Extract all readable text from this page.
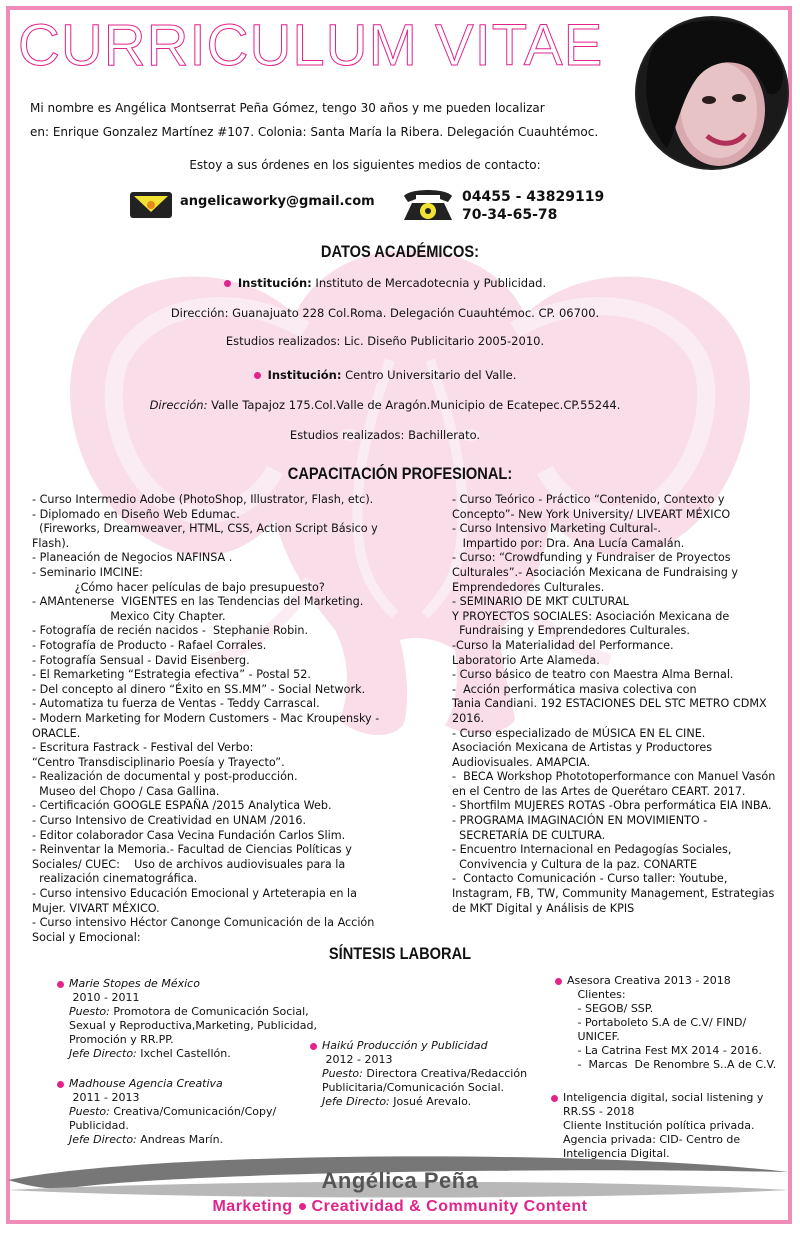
CURRICULUM VITAE
Mi nombre es Angélica Montserrat Peña Gómez, tengo 30 años y me pueden localizar
en: Enrique Gonzalez Martínez #107. Colonia: Santa María la Ribera. Delegación Cuauhtémoc.
Estoy a sus órdenes en los siguientes medios de contacto:
angelicaworky@gmail.com	04455 - 43829119
70-34-65-78
DATOS ACADÉMICOS:
Institución: Instituto de Mercadotecnia y Publicidad.
Dirección: Guanajuato 228 Col.Roma. Delegación Cuauhtémoc. CP. 06700.
Estudios realizados: Lic. Diseño Publicitario 2005-2010.
Institución: Centro Universitario del Valle.
Dirección: Valle Tapajoz 175.Col.Valle de Aragón.Municipio de Ecatepec.CP.55244.
Estudios realizados: Bachillerato.
CAPACITACIÓN PROFESIONAL:
- Curso Intermedio Adobe (PhotoShop, Illustrator, Flash, etc).
- Diplomado en Diseño Web Edumac.
(Fireworks, Dreamweaver, HTML, CSS, Action Script Básico y
Flash).
- Planeación de Negocios NAFINSA .
- Seminario IMCINE:
¿Cómo hacer películas de bajo presupuesto?
- AMAntenerse  VIGENTES en las Tendencias del Marketing.
Mexico City Chapter.
- Fotografía de recién nacidos -  Stephanie Robin.
- Fotografía de Producto - Rafael Corrales.
- Fotografía Sensual - David Eisenberg.
- El Remarketing “Estrategia efectiva” - Postal 52.
- Del concepto al dinero “Éxito en SS.MM” - Social Network.
- Automatiza tu fuerza de Ventas - Teddy Carrascal.
- Modern Marketing for Modern Customers - Mac Kroupensky -
ORACLE.
- Escritura Fastrack - Festival del Verbo:
“Centro Transdisciplinario Poesía y Trayecto”.
- Realización de documental y post-producción.
Museo del Chopo / Casa Gallina.
- Certificación GOOGLE ESPAÑA /2015 Analytica Web.
- Curso Intensivo de Creatividad en UNAM /2016.
- Editor colaborador Casa Vecina Fundación Carlos Slim.
- Reinventar la Memoria.- Facultad de Ciencias Políticas y
Sociales/ CUEC:    Uso de archivos audiovisuales para la
realización cinematográfica.
- Curso intensivo Educación Emocional y Arteterapia en la
Mujer. VIVART MÉXICO.
- Curso intensivo Héctor Canonge Comunicación de la Acción
Social y Emocional:
- Curso Teórico - Práctico “Contenido, Contexto y
Concepto”- New York University/ LIVEART MÉXICO
- Curso Intensivo Marketing Cultural-.
Impartido por: Dra. Ana Lucía Camalán.
- Curso: “Crowdfunding y Fundraiser de Proyectos
Culturales”.- Asociación Mexicana de Fundraising y
Emprendedores Culturales.
- SEMINARIO DE MKT CULTURAL
Y PROYECTOS SOCIALES: Asociación Mexicana de
Fundraising y Emprendedores Culturales.
-Curso la Materialidad del Performance.
Laboratorio Arte Alameda.
- Curso básico de teatro con Maestra Alma Bernal.
-  Acción performática masiva colectiva con
Tania Candiani. 192 ESTACIONES DEL STC METRO CDMX
2016.
- Curso especializado de MÚSICA EN EL CINE.
Asociación Mexicana de Artistas y Productores
Audiovisuales. AMAPCIA.
-  BECA Workshop Phototoperformance con Manuel Vasón
en el Centro de las Artes de Querétaro CEART. 2017.
- Shortfilm MUJERES ROTAS -Obra performática EIA INBA.
- PROGRAMA IMAGINACIÓN EN MOVIMIENTO -
SECRETARÍA DE CULTURA.
- Encuentro Internacional en Pedagogías Sociales,
Convivencia y Cultura de la paz. CONARTE
-  Contacto Comunicación - Curso taller: Youtube,
Instagram, FB, TW, Community Management, Estrategias
de MKT Digital y Análisis de KPIS
SÍNTESIS LABORAL
Marie Stopes de México
2010 - 2011
Puesto: Promotora de Comunicación Social,
Sexual y Reproductiva,Marketing, Publicidad,
Promoción y RR.PP.
Jefe Directo: Ixchel Castellón.
Madhouse Agencia Creativa
2011 - 2013
Puesto: Creativa/Comunicación/Copy/
Publicidad.
Jefe Directo: Andreas Marín.
Haikú Producción y Publicidad
2012 - 2013
Puesto: Directora Creativa/Redacción
Publicitaria/Comunicación Social.
Jefe Directo: Josué Arevalo.
Asesora Creativa 2013 - 2018
Clientes:
- SEGOB/ SSP.
- Portaboleto S.A de C.V/ FIND/
UNICEF.
- La Catrina Fest MX 2014 - 2016.
-  Marcas  De Renombre S..A de C.V.
Inteligencia digital, social listening y
RR.SS - 2018
Cliente Institución política privada.
Agencia privada: CID- Centro de
Inteligencia Digital.
Angélica Peña
Marketing Creatividad & Community Content
